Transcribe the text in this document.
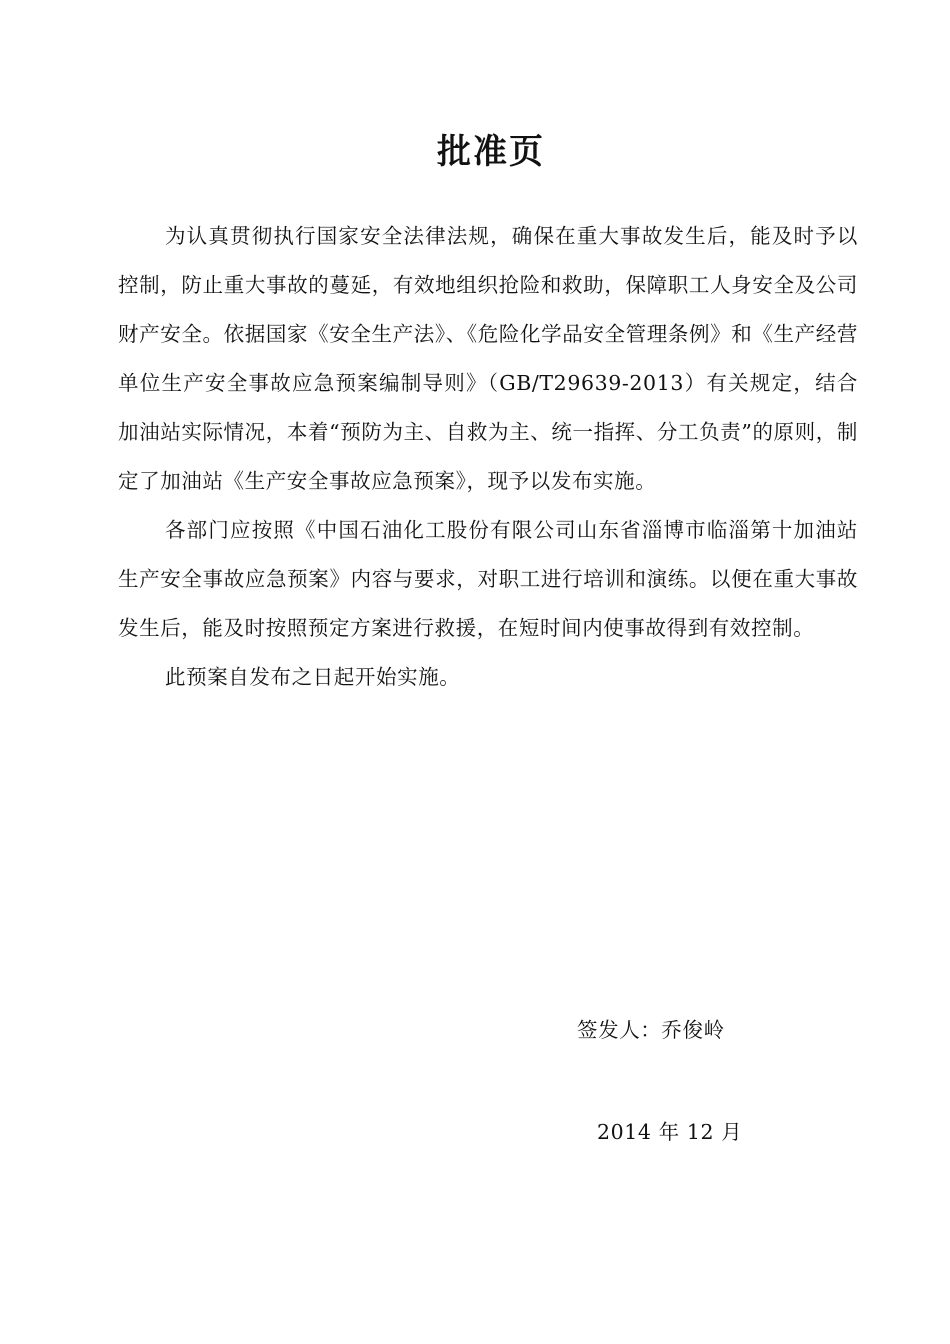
批准页

为认真贯彻执行国家安全法律法规，确保在重大事故发生后，能及时予以控制，防止重大事故的蔓延，有效地组织抢险和救助，保障职工人身安全及公司财产安全。依据国家《安全生产法》、《危险化学品安全管理条例》和《生产经营单位生产安全事故应急预案编制导则》（GB/T29639-2013）有关规定，结合加油站实际情况，本着“预防为主、自救为主、统一指挥、分工负责”的原则，制定了加油站《生产安全事故应急预案》，现予以发布实施。

各部门应按照《中国石油化工股份有限公司山东省淄博市临淄第十加油站生产安全事故应急预案》内容与要求，对职工进行培训和演练。以便在重大事故发生后，能及时按照预定方案进行救援，在短时间内使事故得到有效控制。

此预案自发布之日起开始实施。

签发人：乔俊岭
2014 年 12 月
